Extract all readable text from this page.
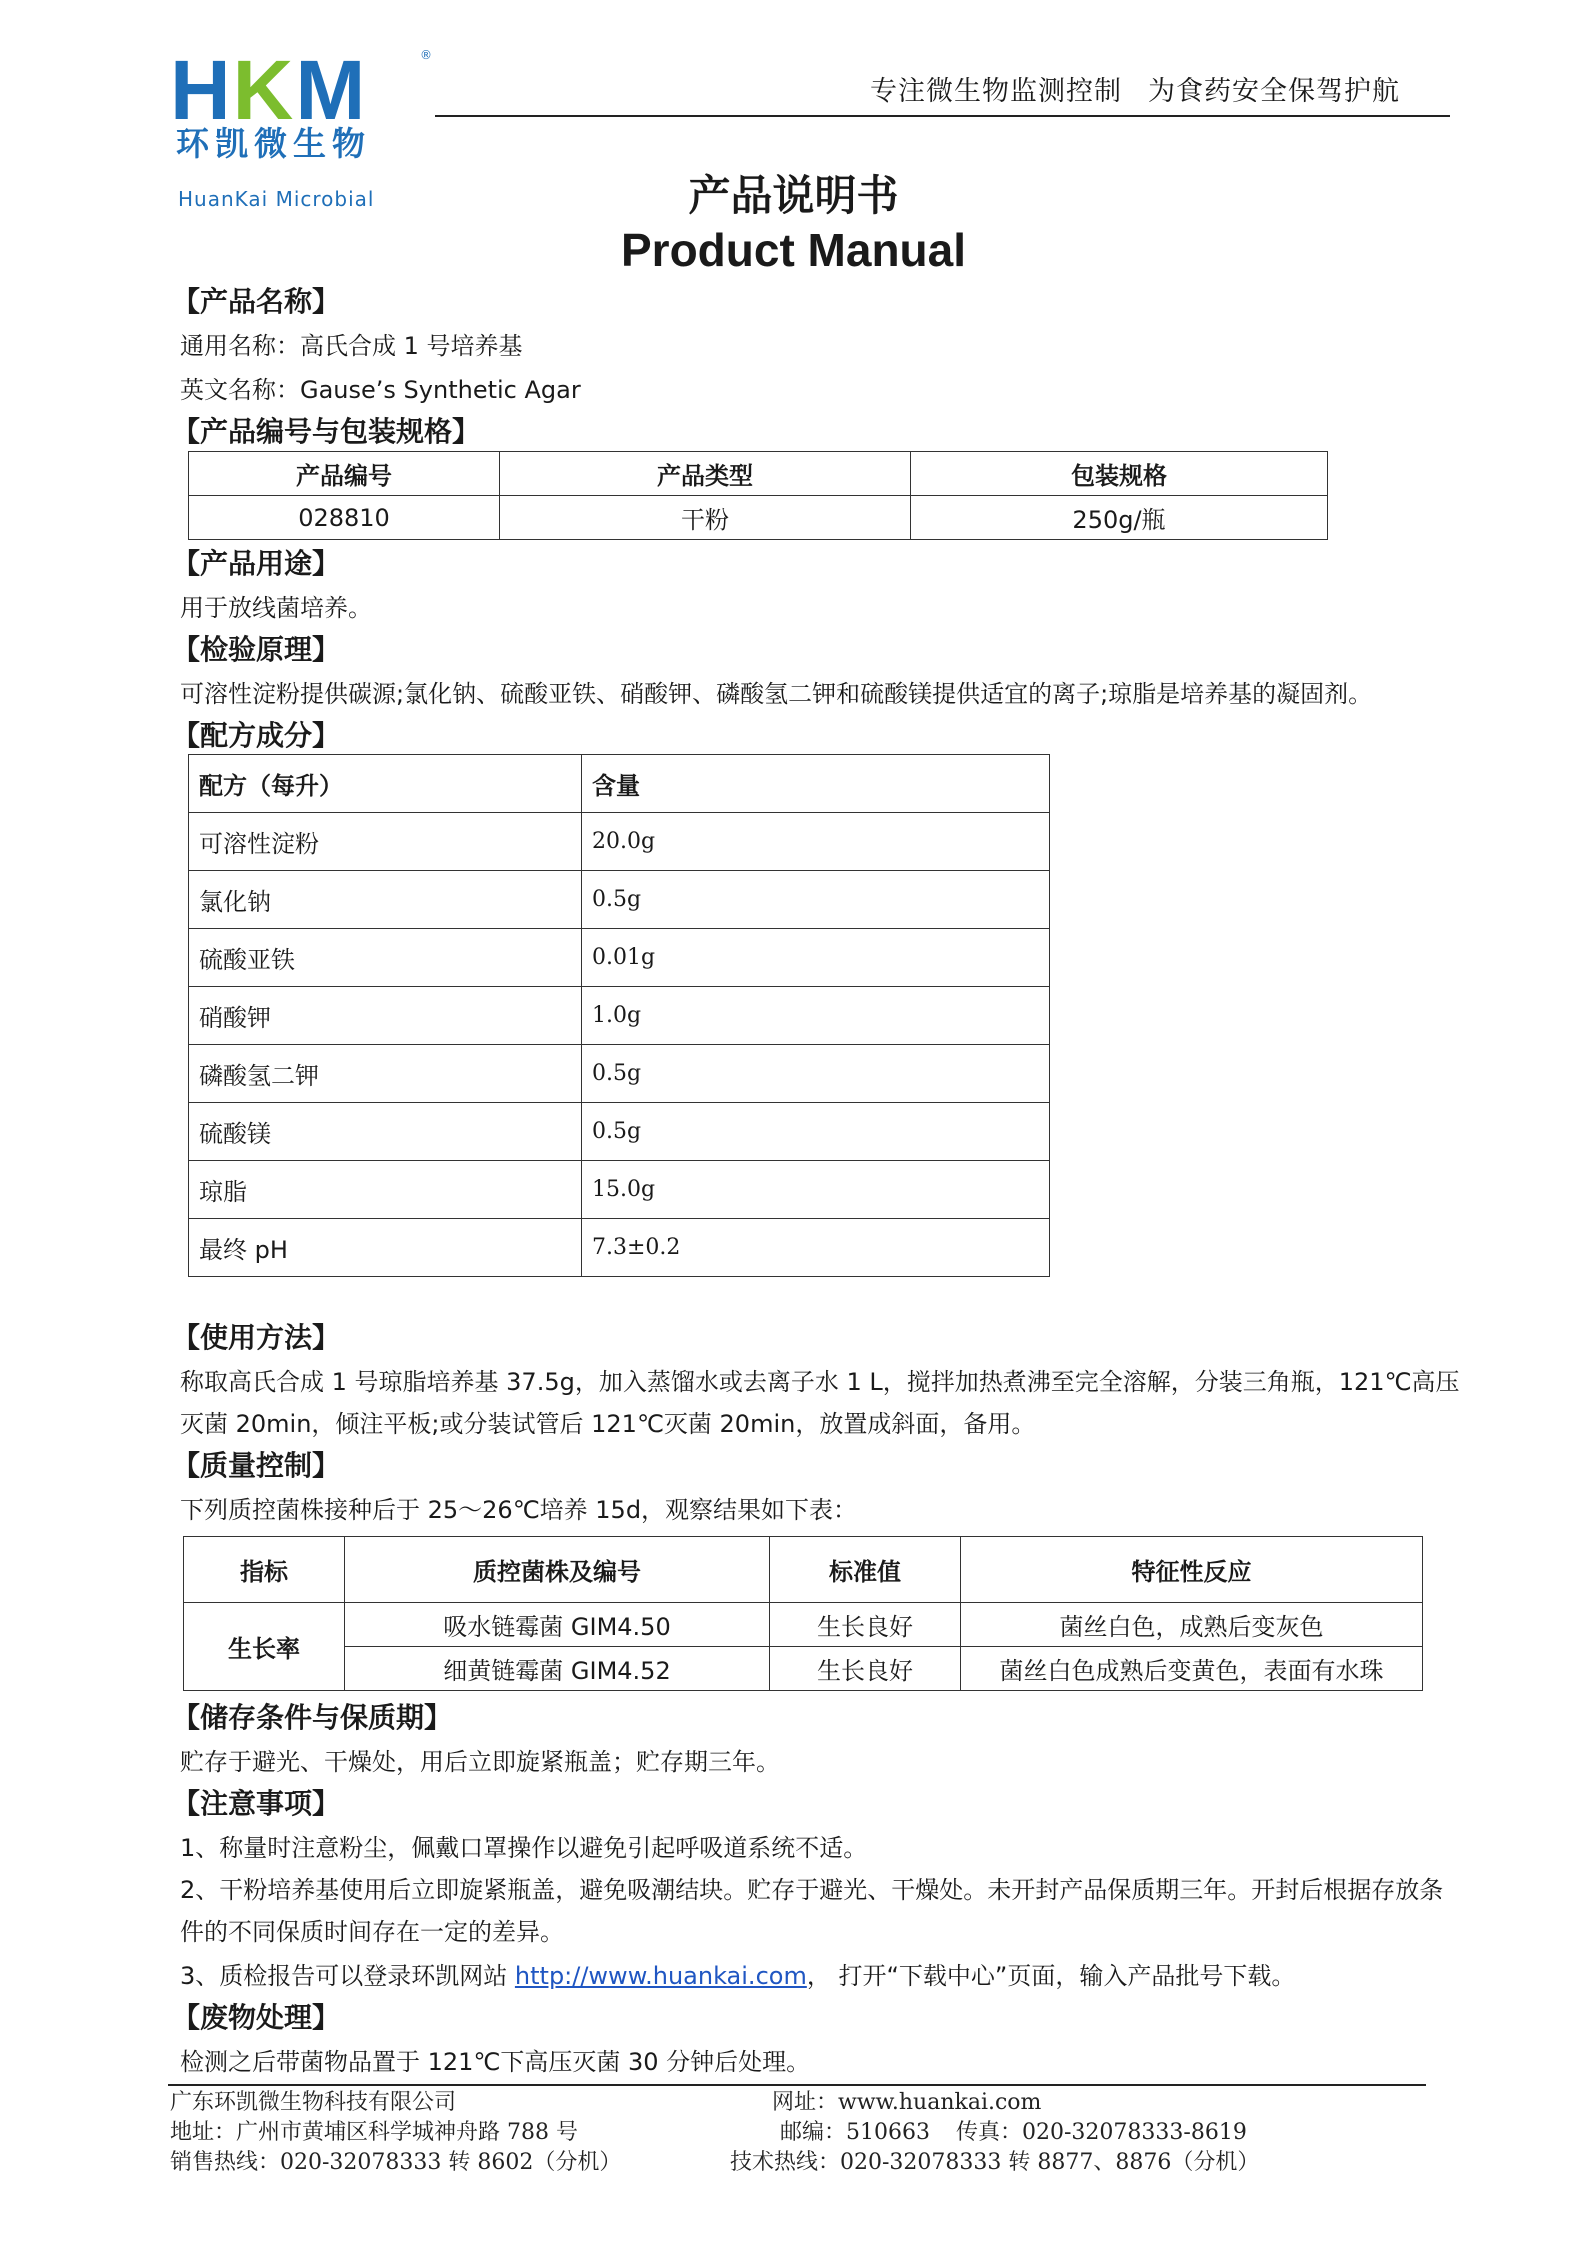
HKM	®
环凯微生物
HuanKai Microbial
专注微生物监测控制 为食药安全保驾护航
产品说明书
Product Manual
【产品名称】
通用名称：高氏合成 1 号培养基
英文名称：Gause’s Synthetic Agar
【产品编号与包装规格】
产品编号	产品类型	包装规格
028810	干粉	250g/瓶
【产品用途】
用于放线菌培养。
【检验原理】
可溶性淀粉提供碳源;氯化钠、硫酸亚铁、硝酸钾、磷酸氢二钾和硫酸镁提供适宜的离子;琼脂是培养基的凝固剂。
【配方成分】
配方（每升）	含量
可溶性淀粉	20.0g
氯化钠	0.5g
硫酸亚铁	0.01g
硝酸钾	1.0g
磷酸氢二钾	0.5g
硫酸镁	0.5g
琼脂	15.0g
最终 pH	7.3±0.2
【使用方法】
称取高氏合成 1 号琼脂培养基 37.5g，加入蒸馏水或去离子水 1 L，搅拌加热煮沸至完全溶解，分装三角瓶，121℃高压
灭菌 20min，倾注平板;或分装试管后 121℃灭菌 20min，放置成斜面，备用。
【质量控制】
下列质控菌株接种后于 25～26℃培养 15d，观察结果如下表：
指标	质控菌株及编号	标准值	特征性反应
生长率	吸水链霉菌 GIM4.50	生长良好	菌丝白色，成熟后变灰色
	细黄链霉菌 GIM4.52	生长良好	菌丝白色成熟后变黄色，表面有水珠
【储存条件与保质期】
贮存于避光、干燥处，用后立即旋紧瓶盖；贮存期三年。
【注意事项】
1、称量时注意粉尘，佩戴口罩操作以避免引起呼吸道系统不适。
2、干粉培养基使用后立即旋紧瓶盖，避免吸潮结块。贮存于避光、干燥处。未开封产品保质期三年。开封后根据存放条
件的不同保质时间存在一定的差异。
3、质检报告可以登录环凯网站 http://www.huankai.com， 打开“下载中心”页面，输入产品批号下载。
【废物处理】
检测之后带菌物品置于 121℃下高压灭菌 30 分钟后处理。
广东环凯微生物科技有限公司
地址：广州市黄埔区科学城神舟路 788 号
销售热线：020-32078333 转 8602（分机）
网址：www.huankai.com
邮编：510663 传真：020-32078333-8619
技术热线：020-32078333 转 8877、8876（分机）
